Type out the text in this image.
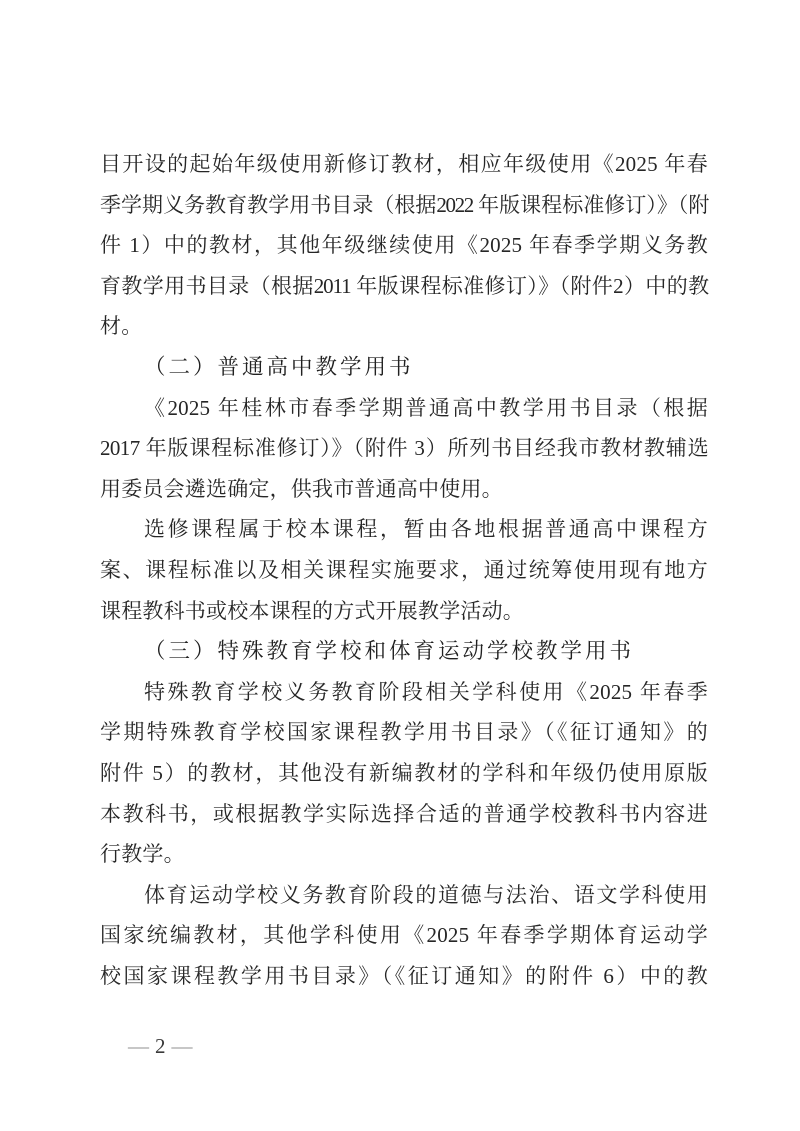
目开设的起始年级使用新修订教材，相应年级使用《2025 年春
季学期义务教育教学用书目录（根据2022 年版课程标准修订）》（附
件 1）中的教材，其他年级继续使用《2025 年春季学期义务教
育教学用书目录（根据2011 年版课程标准修订）》（附件2）中的教
材。
（二）普通高中教学用书
《2025 年桂林市春季学期普通高中教学用书目录（根据
2017 年版课程标准修订）》（附件 3）所列书目经我市教材教辅选
用委员会遴选确定，供我市普通高中使用。
选修课程属于校本课程，暂由各地根据普通高中课程方
案、课程标准以及相关课程实施要求，通过统筹使用现有地方
课程教科书或校本课程的方式开展教学活动。
（三）特殊教育学校和体育运动学校教学用书
特殊教育学校义务教育阶段相关学科使用《2025 年春季
学期特殊教育学校国家课程教学用书目录》（《征订通知》的
附件 5）的教材，其他没有新编教材的学科和年级仍使用原版
本教科书，或根据教学实际选择合适的普通学校教科书内容进
行教学。
体育运动学校义务教育阶段的道德与法治、语文学科使用
国家统编教材，其他学科使用《2025 年春季学期体育运动学
校国家课程教学用书目录》（《征订通知》的附件 6）中的教
— 2 —
